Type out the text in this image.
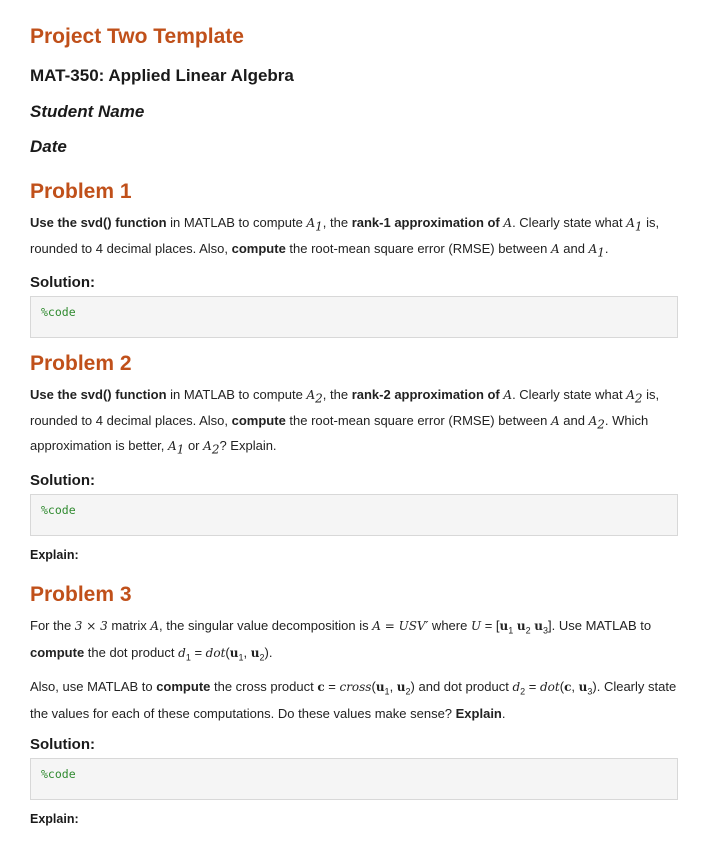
Project Two Template

MAT-350: Applied Linear Algebra

Student Name

Date

Problem 1

Use the svd() function in MATLAB to compute $A_1$, the rank-1 approximation of A. Clearly state what $A_1$ is,
rounded to 4 decimal places. Also, compute the root-mean square error (RMSE) between A and $A_1$.

Solution:

%code
Problem 2

Use the svd() function in MATLAB to compute $A_2$, the rank-2 approximation of A. Clearly state what $A_2$ is,
rounded to 4 decimal places. Also, compute the root-mean square error (RMSE) between A and $A_2$. Which
approximation is better, $A_1$ or $A_2$? Explain.

Solution:

%code

Explain:

Problem 3

For the 3 × 3 matrix A, the singular value decomposition is A = USV′ where $U = [u_1$ $u_2$ $u_3$]. Use MATLAB to
compute the dot product $d_1 = dot(u_1$, $u_2$).

Also, use MATLAB to compute the cross product $c = cross(u_1$, $u_2$) and dot product $d_2 = dot(c$, $u_3$). Clearly state
the values for each of these computations. Do these values make sense? Explain.

Solution:

%code

Explain:
